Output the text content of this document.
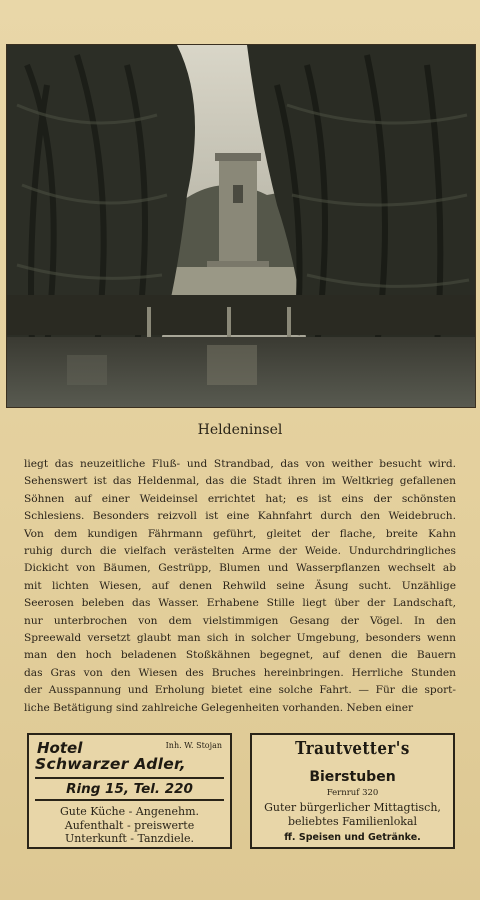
Heldeninsel
liegt das neuzeitliche Fluß- und Strandbad, das von weither besucht wird.
Sehenswert ist das Heldenmal, das die Stadt ihren im Weltkrieg gefallenen
Söhnen auf einer Weideinsel errichtet hat; es ist eins der schönsten
Schlesiens. Besonders reizvoll ist eine Kahnfahrt durch den Weidebruch.
Von dem kundigen Fährmann geführt, gleitet der flache, breite Kahn
ruhig durch die vielfach verästelten Arme der Weide. Undurchdringliches
Dickicht von Bäumen, Gestrüpp, Blumen und Wasserpflanzen wechselt ab
mit lichten Wiesen, auf denen Rehwild seine Äsung sucht. Unzählige
Seerosen beleben das Wasser. Erhabene Stille liegt über der Landschaft,
nur unterbrochen von dem vielstimmigen Gesang der Vögel. In den
Spreewald versetzt glaubt man sich in solcher Umgebung, besonders wenn
man den hoch beladenen Stoßkähnen begegnet, auf denen die Bauern
das Gras von den Wiesen des Bruches hereinbringen. Herrliche Stunden
der Ausspannung und Erholung bietet eine solche Fahrt. — Für die sport-
liche Betätigung sind zahlreiche Gelegenheiten vorhanden. Neben einer
Hotel	Inh. W. Stojan
Schwarzer Adler,
Ring 15, Tel. 220
Gute Küche - Angenehm.
Aufenthalt - preiswerte
Unterkunft - Tanzdiele.
Trautvetter's
Bierstuben
Fernruf 320
Guter bürgerlicher Mittagtisch,
beliebtes Familienlokal
ff. Speisen und Getränke.
